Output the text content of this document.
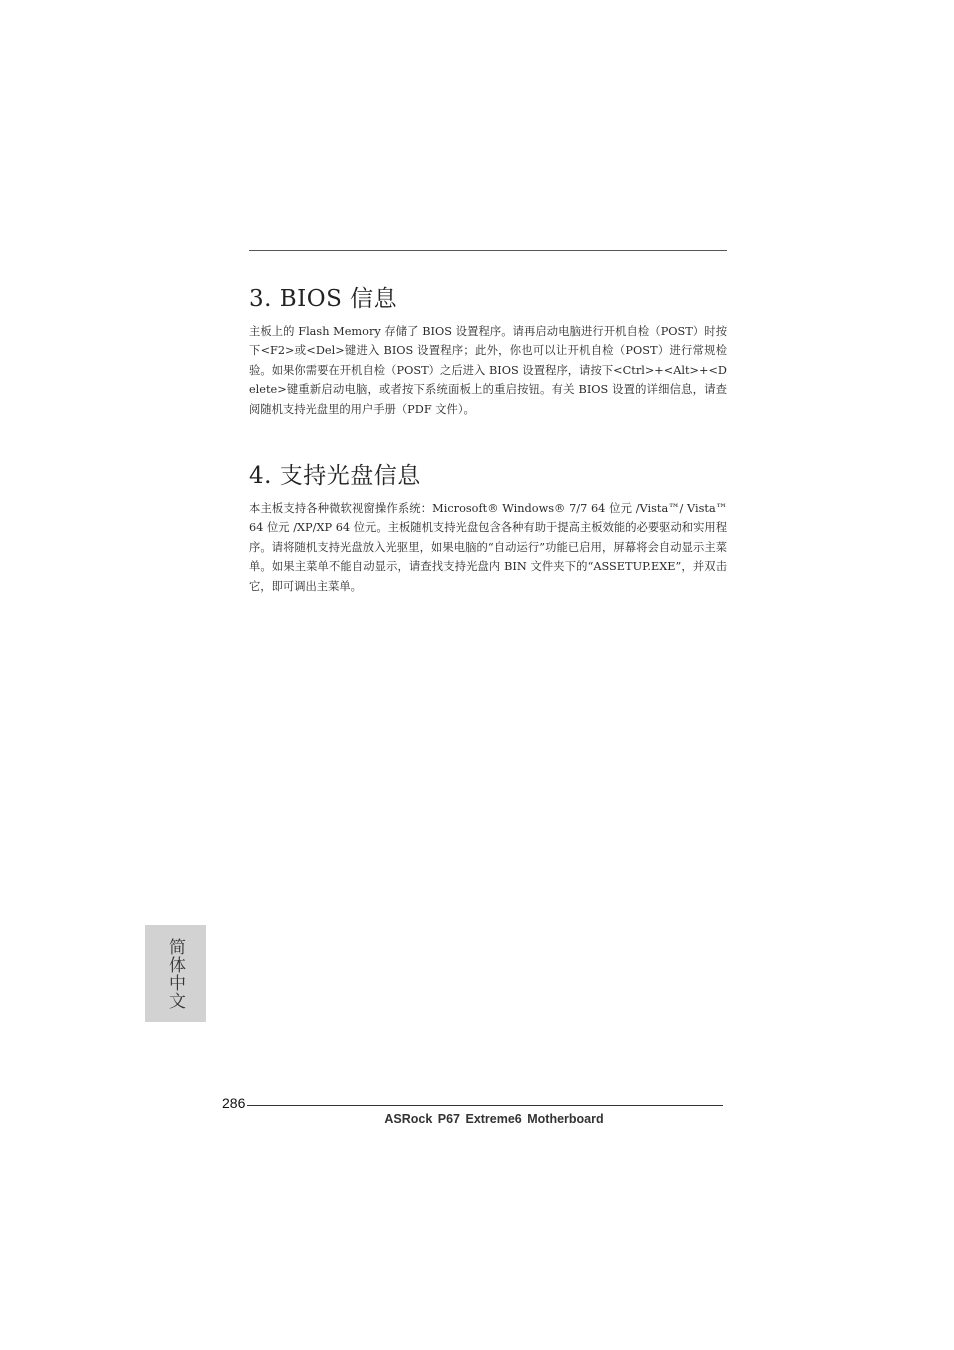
3. BIOS 信息

主板上的 Flash Memory 存储了 BIOS 设置程序。请再启动电脑进行开机自检（POST）时按下<F2>或<Del>键进入 BIOS 设置程序；此外，你也可以让开机自检（POST）进行常规检验。如果你需要在开机自检（POST）之后进入 BIOS 设置程序，请按下<Ctrl>+<Alt>+<Delete>键重新启动电脑，或者按下系统面板上的重启按钮。有关 BIOS 设置的详细信息，请查阅随机支持光盘里的用户手册（PDF 文件）。

4. 支持光盘信息

本主板支持各种微软视窗操作系统：Microsoft® Windows® 7/7 64 位元 /Vista™/ Vista™ 64 位元 /XP/XP 64 位元。主板随机支持光盘包含各种有助于提高主板效能的必要驱动和实用程序。请将随机支持光盘放入光驱里，如果电脑的“自动运行”功能已启用，屏幕将会自动显示主菜单。如果主菜单不能自动显示，请查找支持光盘内 BIN 文件夹下的“ASSETUP.EXE”，并双击它，即可调出主菜单。

简体中文
286
ASRock P67 Extreme6 Motherboard
